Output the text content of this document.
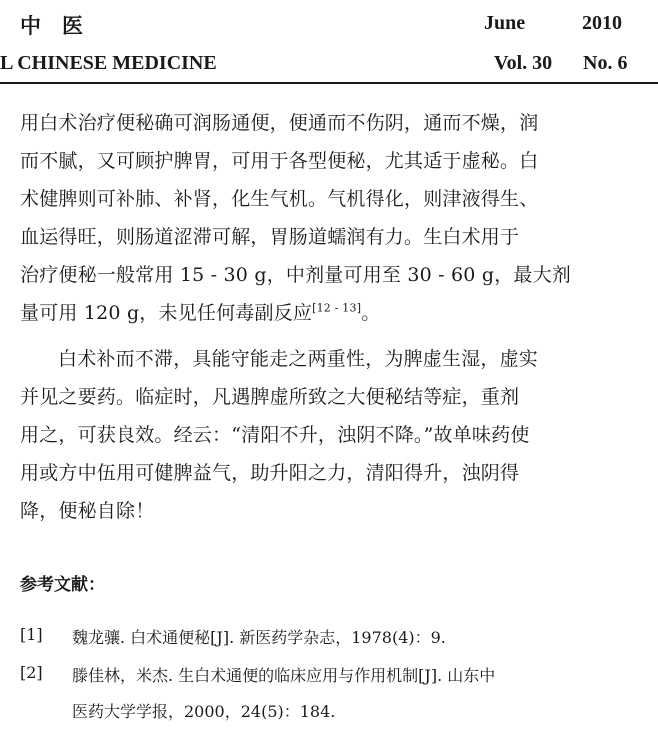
中　医
L CHINESE MEDICINE
June	2010
Vol. 30 No. 6
用白术治疗便秘确可润肠通便，便通而不伤阴，通而不燥，润
而不腻，又可顾护脾胃，可用于各型便秘，尤其适于虚秘。白
术健脾则可补肺、补肾，化生气机。气机得化，则津液得生、
血运得旺，则肠道涩滞可解，胃肠道蠕润有力。生白术用于
治疗便秘一般常用 15 - 30 g，中剂量可用至 30 - 60 g，最大剂
量可用 120 g，未见任何毒副反应[12 - 13]。
白术补而不滞，具能守能走之两重性，为脾虚生湿，虚实
并见之要药。临症时，凡遇脾虚所致之大便秘结等症，重剂
用之，可获良效。经云：“清阳不升，浊阴不降。”故单味药使
用或方中伍用可健脾益气，助升阳之力，清阳得升，浊阴得
降，便秘自除！
参考文献：
[1] 魏龙骧. 白术通便秘[J]. 新医药学杂志，1978(4)：9.
[2] 滕佳林，米杰. 生白术通便的临床应用与作用机制[J]. 山东中
医药大学学报，2000，24(5)：184.
